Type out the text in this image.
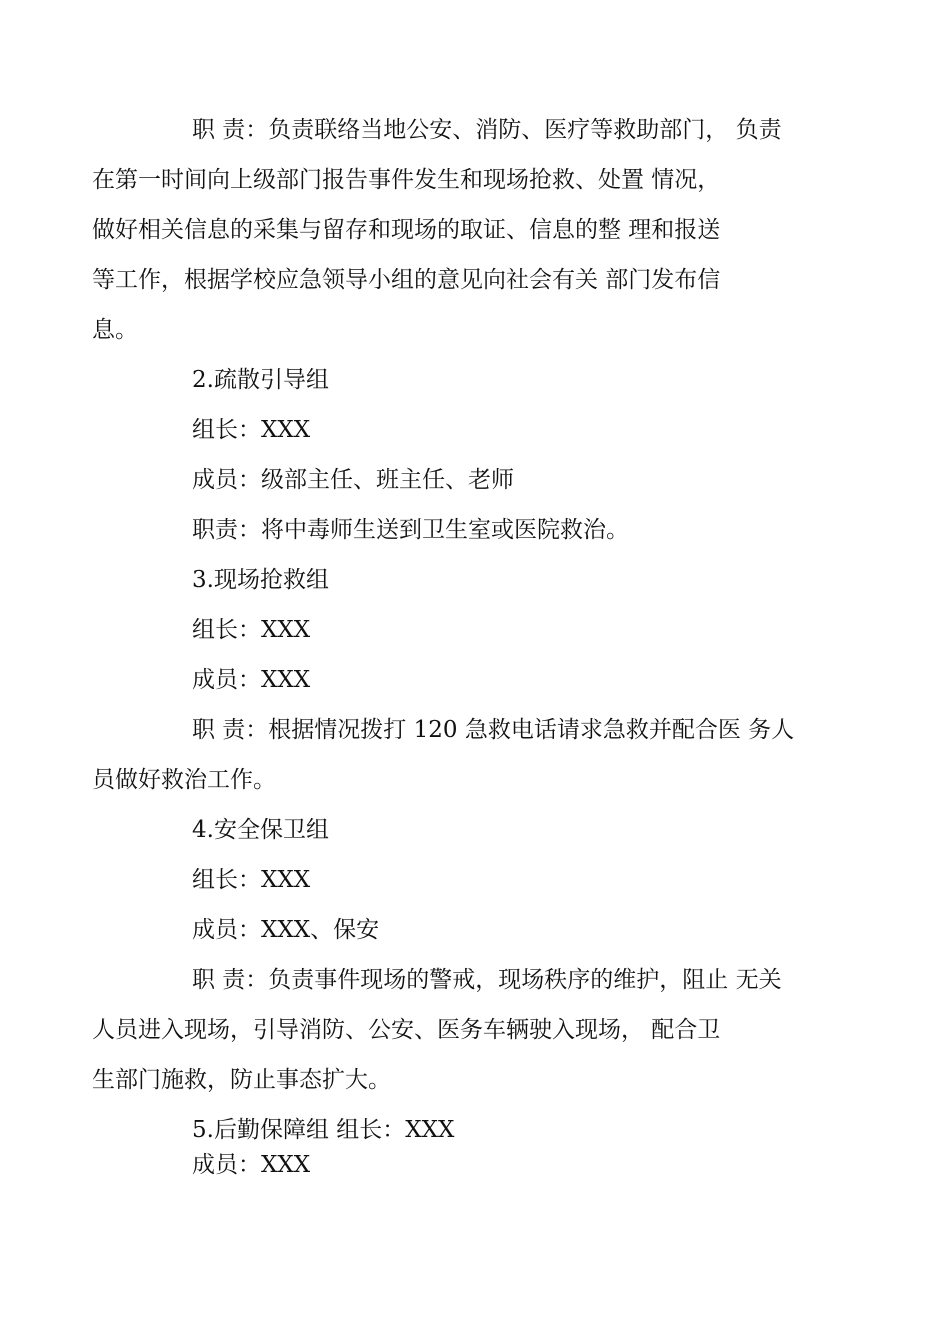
职 责：负责联络当地公安、消防、医疗等救助部门， 负责
在第一时间向上级部门报告事件发生和现场抢救、处置 情况，
做好相关信息的采集与留存和现场的取证、信息的整 理和报送
等工作，根据学校应急领导小组的意见向社会有关 部门发布信
息。
2.疏散引导组
组长：XXX
成员：级部主任、班主任、老师
职责：将中毒师生送到卫生室或医院救治。
3.现场抢救组
组长：XXX
成员：XXX
职 责：根据情况拨打 120 急救电话请求急救并配合医 务人
员做好救治工作。
4.安全保卫组
组长：XXX
成员：XXX、保安
职 责：负责事件现场的警戒，现场秩序的维护，阻止 无关
人员进入现场，引导消防、公安、医务车辆驶入现场， 配合卫
生部门施救，防止事态扩大。
5.后勤保障组 组长：XXX
成员：XXX
